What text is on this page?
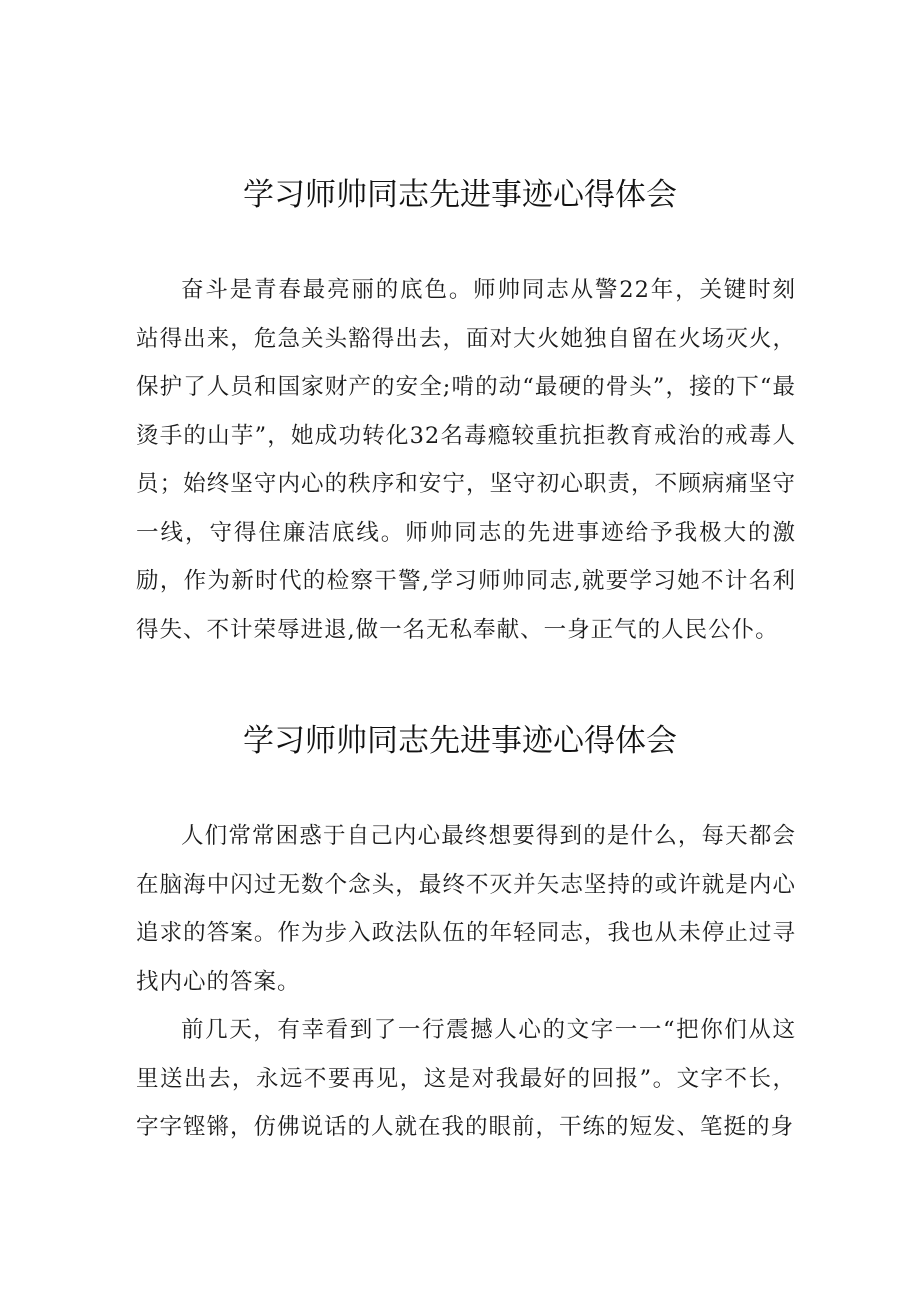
学习师帅同志先进事迹心得体会

奋斗是青春最亮丽的底色。师帅同志从警22年，关键时刻站得出来，危急关头豁得出去，面对大火她独自留在火场灭火，保护了人员和国家财产的安全;啃的动“最硬的骨头”，接的下“最烫手的山芋”，她成功转化32名毒瘾较重抗拒教育戒治的戒毒人员；始终坚守内心的秩序和安宁，坚守初心职责，不顾病痛坚守一线，守得住廉洁底线。师帅同志的先进事迹给予我极大的激励，作为新时代的检察干警,学习师帅同志,就要学习她不计名利得失、不计荣辱进退,做一名无私奉献、一身正气的人民公仆。

学习师帅同志先进事迹心得体会

人们常常困惑于自己内心最终想要得到的是什么，每天都会在脑海中闪过无数个念头，最终不灭并矢志坚持的或许就是内心追求的答案。作为步入政法队伍的年轻同志，我也从未停止过寻找内心的答案。

前几天，有幸看到了一行震撼人心的文字一一“把你们从这里送出去，永远不要再见，这是对我最好的回报”。文字不长，字字铿锵，仿佛说话的人就在我的眼前，干练的短发、笔挺的身
